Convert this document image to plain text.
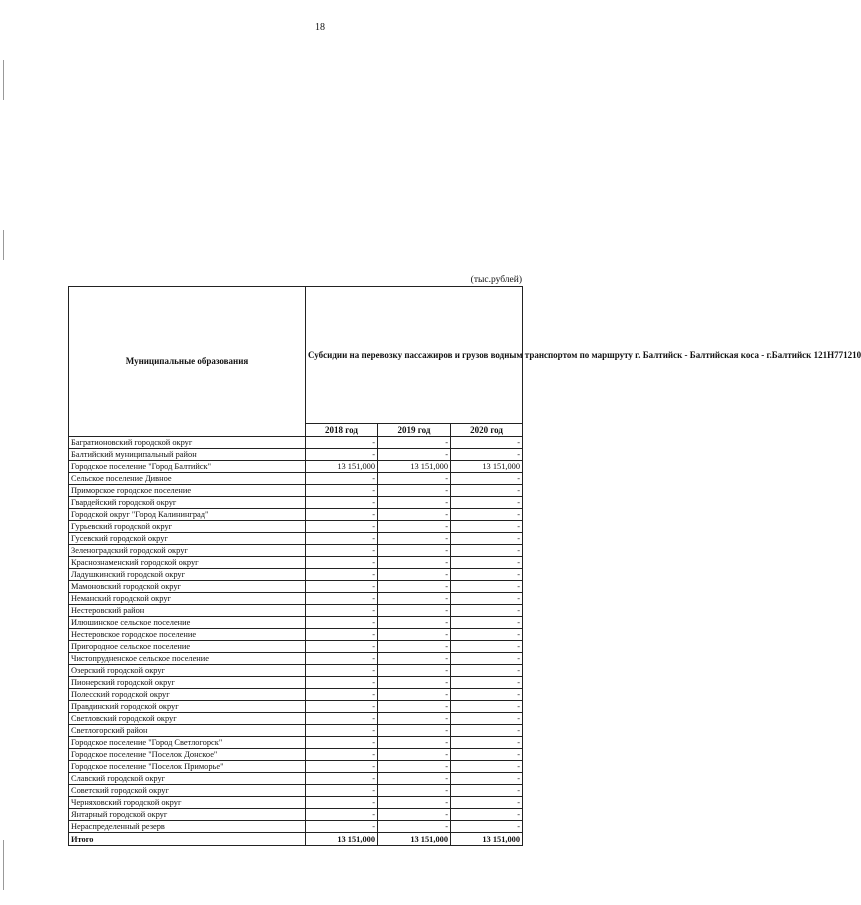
18
(тыс.рублей)
Муниципальные образования	Субсидии на перевозку пассажиров и грузов водным транспортом по маршруту г. Балтийск - Балтийская коса - г.Балтийск 121Н771210		
	2018 год	2019 год	2020 год
Багратионовский городской округ	-	-	-
Балтийский муниципальный район	-	-	-
Городское поселение "Город Балтийск"	13 151,000	13 151,000	13 151,000
Сельское поселение Дивное	-	-	-
Приморское городское поселение	-	-	-
Гвардейский городской округ	-	-	-
Городской округ "Город Калининград"	-	-	-
Гурьевский городской округ	-	-	-
Гусевский городской округ	-	-	-
Зеленоградский городской округ	-	-	-
Краснознаменский городской округ	-	-	-
Ладушкинский городской округ	-	-	-
Мамоновский городской округ	-	-	-
Неманский городской округ	-	-	-
Нестеровский район	-	-	-
Илюшинское сельское поселение	-	-	-
Нестеровское городское поселение	-	-	-
Пригородное сельское поселение	-	-	-
Чистопрудненское сельское поселение	-	-	-
Озерский городской округ	-	-	-
Пионерский городской округ	-	-	-
Полесский городской округ	-	-	-
Правдинский городской округ	-	-	-
Светловский городской округ	-	-	-
Светлогорский район	-	-	-
Городское поселение "Город Светлогорск"	-	-	-
Городское поселение "Поселок Донское"	-	-	-
Городское поселение "Поселок Приморье"	-	-	-
Славский городской округ	-	-	-
Советский городской округ	-	-	-
Черняховский городской округ	-	-	-
Янтарный городской округ	-	-	-
Нераспределенный резерв	-	-	-
Итого	13 151,000	13 151,000	13 151,000
